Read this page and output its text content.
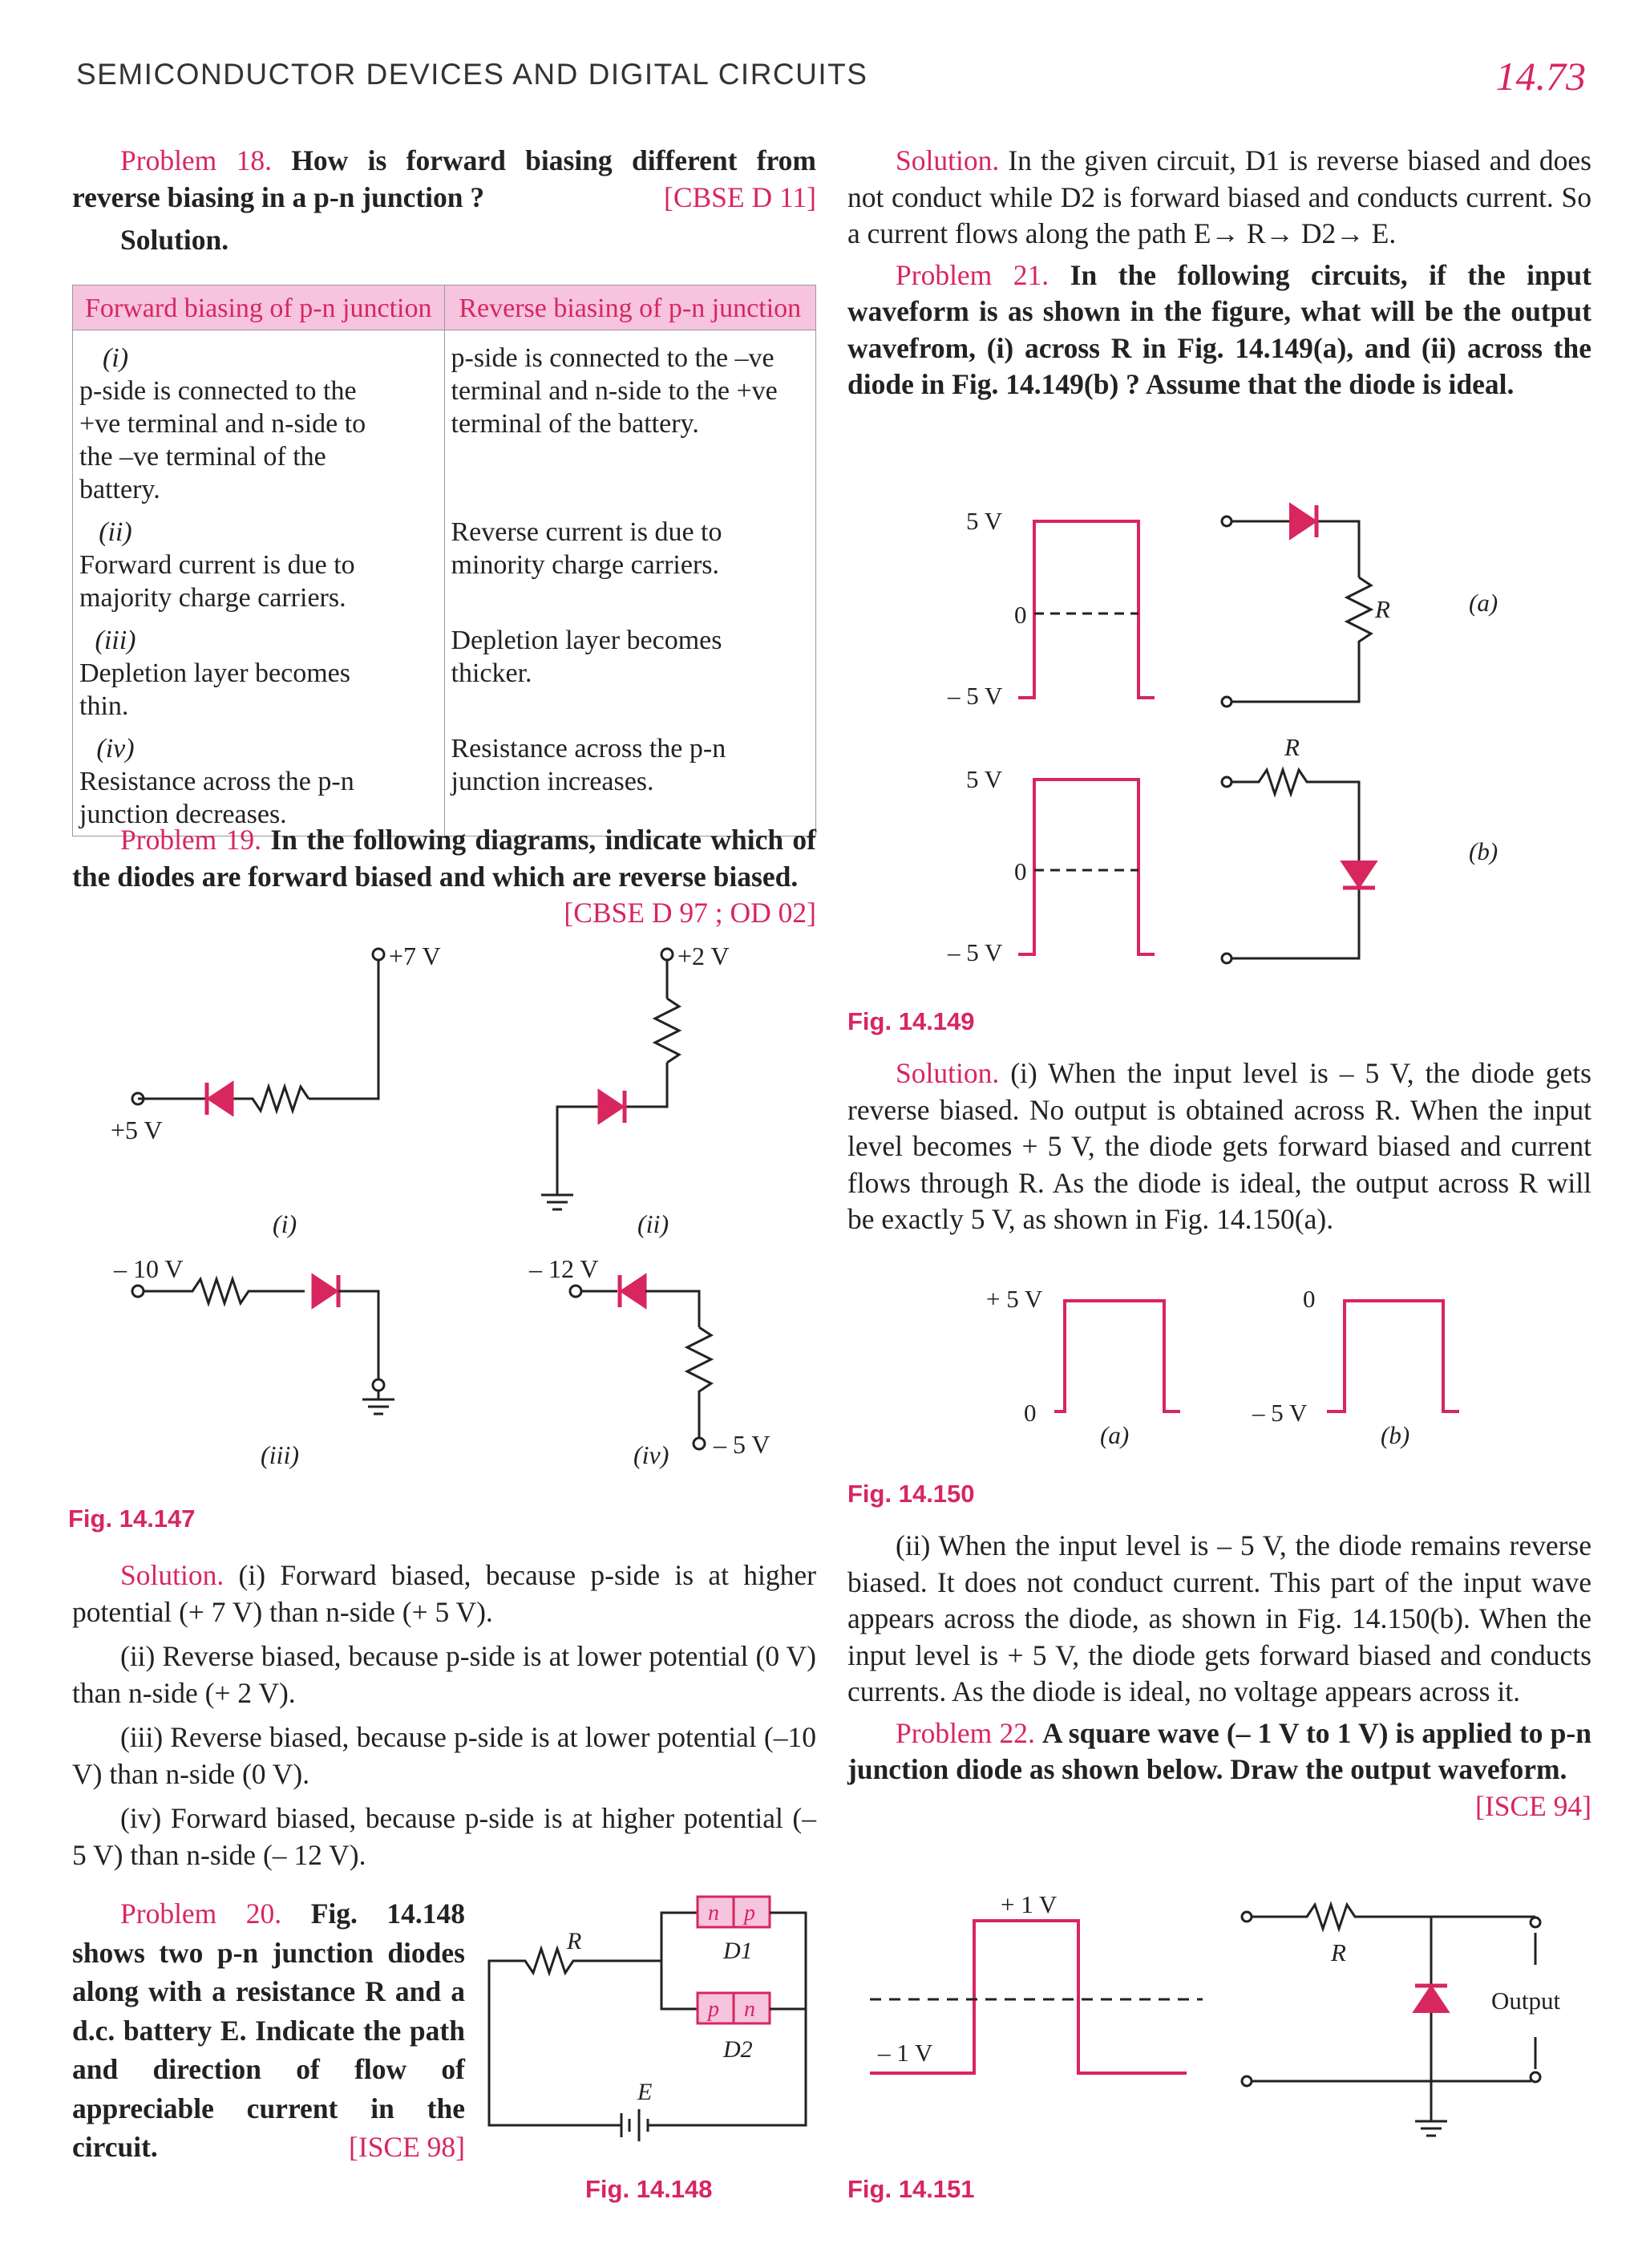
SEMICONDUCTOR DEVICES AND DIGITAL CIRCUITS	14.73

Problem 18. How is forward biasing different from reverse biasing in a p-n junction ?	[CBSE D 11]

Solution.

Forward biasing of p-n junction	Reverse biasing of p-n junction
(i)p-side is connected to the +ve terminal and n-side to the –ve terminal of the battery.	p-side is connected to the –ve terminal and n-side to the +ve terminal of the battery.
(ii)Forward current is due to majority charge carriers.	Reverse current is due to minority charge carriers.
(iii)Depletion layer becomes thin.	Depletion layer becomes thicker.
(iv)Resistance across the p-n junction decreases.	Resistance across the p-n junction increases.

Problem 19. In the following diagrams, indicate which of the diodes are forward biased and which are reverse biased.
[CBSE D 97 ; OD 02]

+7 V
+5 V
+2 V
– 10 V	– 12 V
– 5 V
(i)	(ii)
(iii)	(iv)
Fig. 14.147

Solution. (i) Forward biased, because p-side is at higher potential (+ 7 V) than n-side (+ 5 V).

(ii) Reverse biased, because p-side is at lower potential (0 V) than n-side (+ 2 V).

(iii) Reverse biased, because p-side is at lower potential (–10 V) than n-side (0 V).

(iv) Forward biased, because p-side is at higher potential (– 5 V) than n-side (– 12 V).

Problem 20. Fig. 14.148 shows two p-n junction diodes along with a resistance R and a d.c. battery E. Indicate the path and direction of flow of appreciable current in the circuit.	[ISCE 98]

n p
p n
R	D1
D2
E
Fig. 14.148

Solution. In the given circuit, D1 is reverse biased and does not conduct while D2 is forward biased and conducts current. So a current flows along the path E→ R→ D2→ E.

Problem 21. In the following circuits, if the input waveform is as shown in the figure, what will be the output wavefrom, (i) across R in Fig. 14.149(a), and (ii) across the diode in Fig. 14.149(b) ? Assume that the diode is ideal.

5 V
0
– 5 V
5 V
0
– 5 V
R
R
(a)
(b)
Fig. 14.149

Solution. (i) When the input level is – 5 V, the diode gets reverse biased. No output is obtained across R. When the input level becomes + 5 V, the diode gets forward biased and current flows through R. As the diode is ideal, the output across R will be exactly 5 V, as shown in Fig. 14.150(a).

+ 5 V
0
0
– 5 V
(a)	(b)
Fig. 14.150

(ii) When the input level is – 5 V, the diode remains reverse biased. It does not conduct current. This part of the input wave appears across the diode, as shown in Fig. 14.150(b). When the input level is + 5 V, the diode gets forward biased and conducts currents. As the diode is ideal, no voltage appears across it.

Problem 22. A square wave (– 1 V to 1 V) is applied to p-n junction diode as shown below. Draw the output waveform.
[ISCE 94]

+ 1 V
– 1 V
R
Output
Fig. 14.151
